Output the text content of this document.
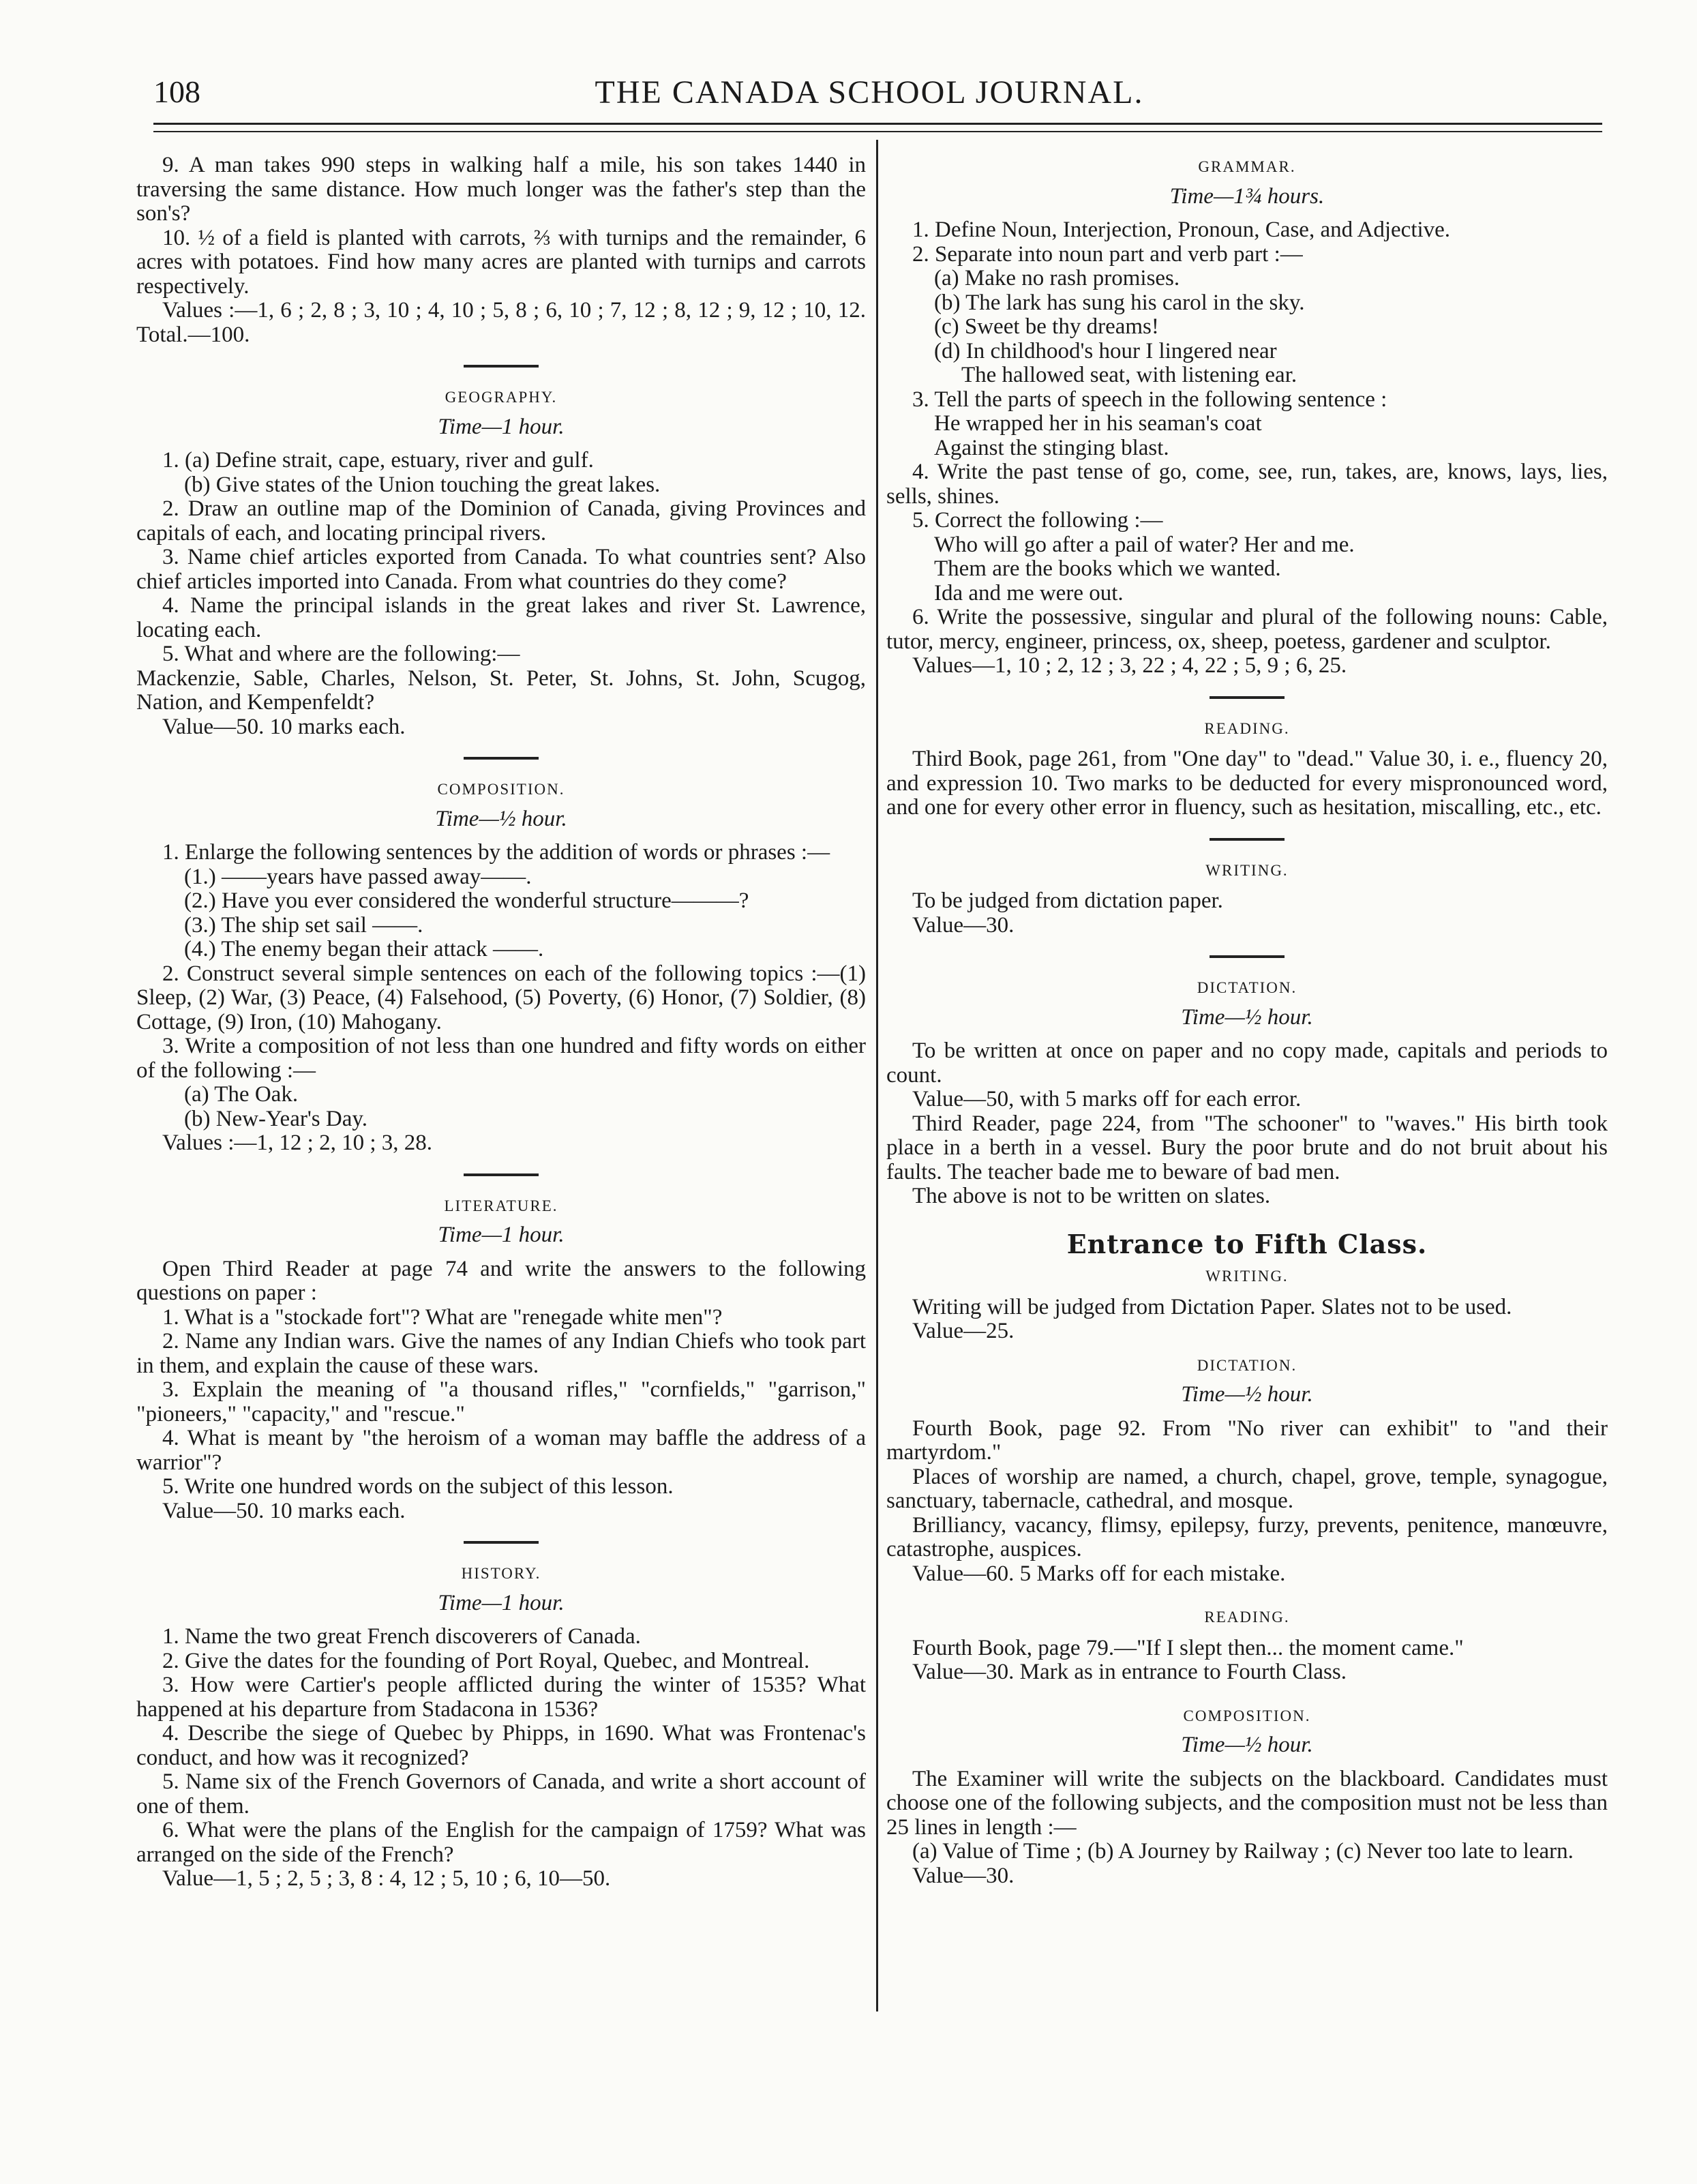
108	THE CANADA SCHOOL JOURNAL.

9. A man takes 990 steps in walking half a mile, his son takes 1440 in traversing the same distance. How much longer was the father's step than the son's?

10. ½ of a field is planted with carrots, ⅔ with turnips and the remainder, 6 acres with potatoes. Find how many acres are planted with turnips and carrots respectively.

Values :—1, 6 ; 2, 8 ; 3, 10 ; 4, 10 ; 5, 8 ; 6, 10 ; 7, 12 ; 8, 12 ; 9, 12 ; 10, 12. Total.—100.

GEOGRAPHY.
Time—1 hour.

1. (a) Define strait, cape, estuary, river and gulf.

(b) Give states of the Union touching the great lakes.

2. Draw an outline map of the Dominion of Canada, giving Provinces and capitals of each, and locating principal rivers.

3. Name chief articles exported from Canada. To what countries sent? Also chief articles imported into Canada. From what countries do they come?

4. Name the principal islands in the great lakes and river St. Lawrence, locating each.

5. What and where are the following:—

Mackenzie, Sable, Charles, Nelson, St. Peter, St. Johns, St. John, Scugog, Nation, and Kempenfeldt?

Value—50. 10 marks each.

COMPOSITION.
Time—½ hour.

1. Enlarge the following sentences by the addition of words or phrases :—

(1.) ——years have passed away——.

(2.) Have you ever considered the wonderful structure———?

(3.) The ship set sail ——.

(4.) The enemy began their attack ——.

2. Construct several simple sentences on each of the following topics :—(1) Sleep, (2) War, (3) Peace, (4) Falsehood, (5) Poverty, (6) Honor, (7) Soldier, (8) Cottage, (9) Iron, (10) Mahogany.

3. Write a composition of not less than one hundred and fifty words on either of the following :—

(a) The Oak.

(b) New-Year's Day.

Values :—1, 12 ; 2, 10 ; 3, 28.

LITERATURE.
Time—1 hour.

Open Third Reader at page 74 and write the answers to the following questions on paper :

1. What is a "stockade fort"? What are "renegade white men"?

2. Name any Indian wars. Give the names of any Indian Chiefs who took part in them, and explain the cause of these wars.

3. Explain the meaning of "a thousand rifles," "cornfields," "garrison," "pioneers," "capacity," and "rescue."

4. What is meant by "the heroism of a woman may baffle the address of a warrior"?

5. Write one hundred words on the subject of this lesson.

Value—50. 10 marks each.

HISTORY.
Time—1 hour.

1. Name the two great French discoverers of Canada.

2. Give the dates for the founding of Port Royal, Quebec, and Montreal.

3. How were Cartier's people afflicted during the winter of 1535? What happened at his departure from Stadacona in 1536?

4. Describe the siege of Quebec by Phipps, in 1690. What was Frontenac's conduct, and how was it recognized?

5. Name six of the French Governors of Canada, and write a short account of one of them.

6. What were the plans of the English for the campaign of 1759? What was arranged on the side of the French?

Value—1, 5 ; 2, 5 ; 3, 8 : 4, 12 ; 5, 10 ; 6, 10—50.

GRAMMAR.
Time—1¾ hours.

1. Define Noun, Interjection, Pronoun, Case, and Adjective.

2. Separate into noun part and verb part :—

(a) Make no rash promises.

(b) The lark has sung his carol in the sky.

(c) Sweet be thy dreams!

(d) In childhood's hour I lingered near

The hallowed seat, with listening ear.

3. Tell the parts of speech in the following sentence :

He wrapped her in his seaman's coat

Against the stinging blast.

4. Write the past tense of go, come, see, run, takes, are, knows, lays, lies, sells, shines.

5. Correct the following :—

Who will go after a pail of water? Her and me.

Them are the books which we wanted.

Ida and me were out.

6. Write the possessive, singular and plural of the following nouns: Cable, tutor, mercy, engineer, princess, ox, sheep, poetess, gardener and sculptor.

Values—1, 10 ; 2, 12 ; 3, 22 ; 4, 22 ; 5, 9 ; 6, 25.

READING.

Third Book, page 261, from "One day" to "dead." Value 30, i. e., fluency 20, and expression 10. Two marks to be deducted for every mispronounced word, and one for every other error in fluency, such as hesitation, miscalling, etc., etc.

WRITING.

To be judged from dictation paper.

Value—30.

DICTATION.
Time—½ hour.

To be written at once on paper and no copy made, capitals and periods to count.

Value—50, with 5 marks off for each error.

Third Reader, page 224, from "The schooner" to "waves." His birth took place in a berth in a vessel. Bury the poor brute and do not bruit about his faults. The teacher bade me to beware of bad men.

The above is not to be written on slates.

Entrance to Fifth Class.
WRITING.

Writing will be judged from Dictation Paper. Slates not to be used.

Value—25.

DICTATION.
Time—½ hour.

Fourth Book, page 92. From "No river can exhibit" to "and their martyrdom."

Places of worship are named, a church, chapel, grove, temple, synagogue, sanctuary, tabernacle, cathedral, and mosque.

Brilliancy, vacancy, flimsy, epilepsy, furzy, prevents, penitence, manœuvre, catastrophe, auspices.

Value—60. 5 Marks off for each mistake.

READING.

Fourth Book, page 79.—"If I slept then... the moment came."

Value—30. Mark as in entrance to Fourth Class.

COMPOSITION.
Time—½ hour.

The Examiner will write the subjects on the blackboard. Candidates must choose one of the following subjects, and the composition must not be less than 25 lines in length :—

(a) Value of Time ; (b) A Journey by Railway ; (c) Never too late to learn.

Value—30.
